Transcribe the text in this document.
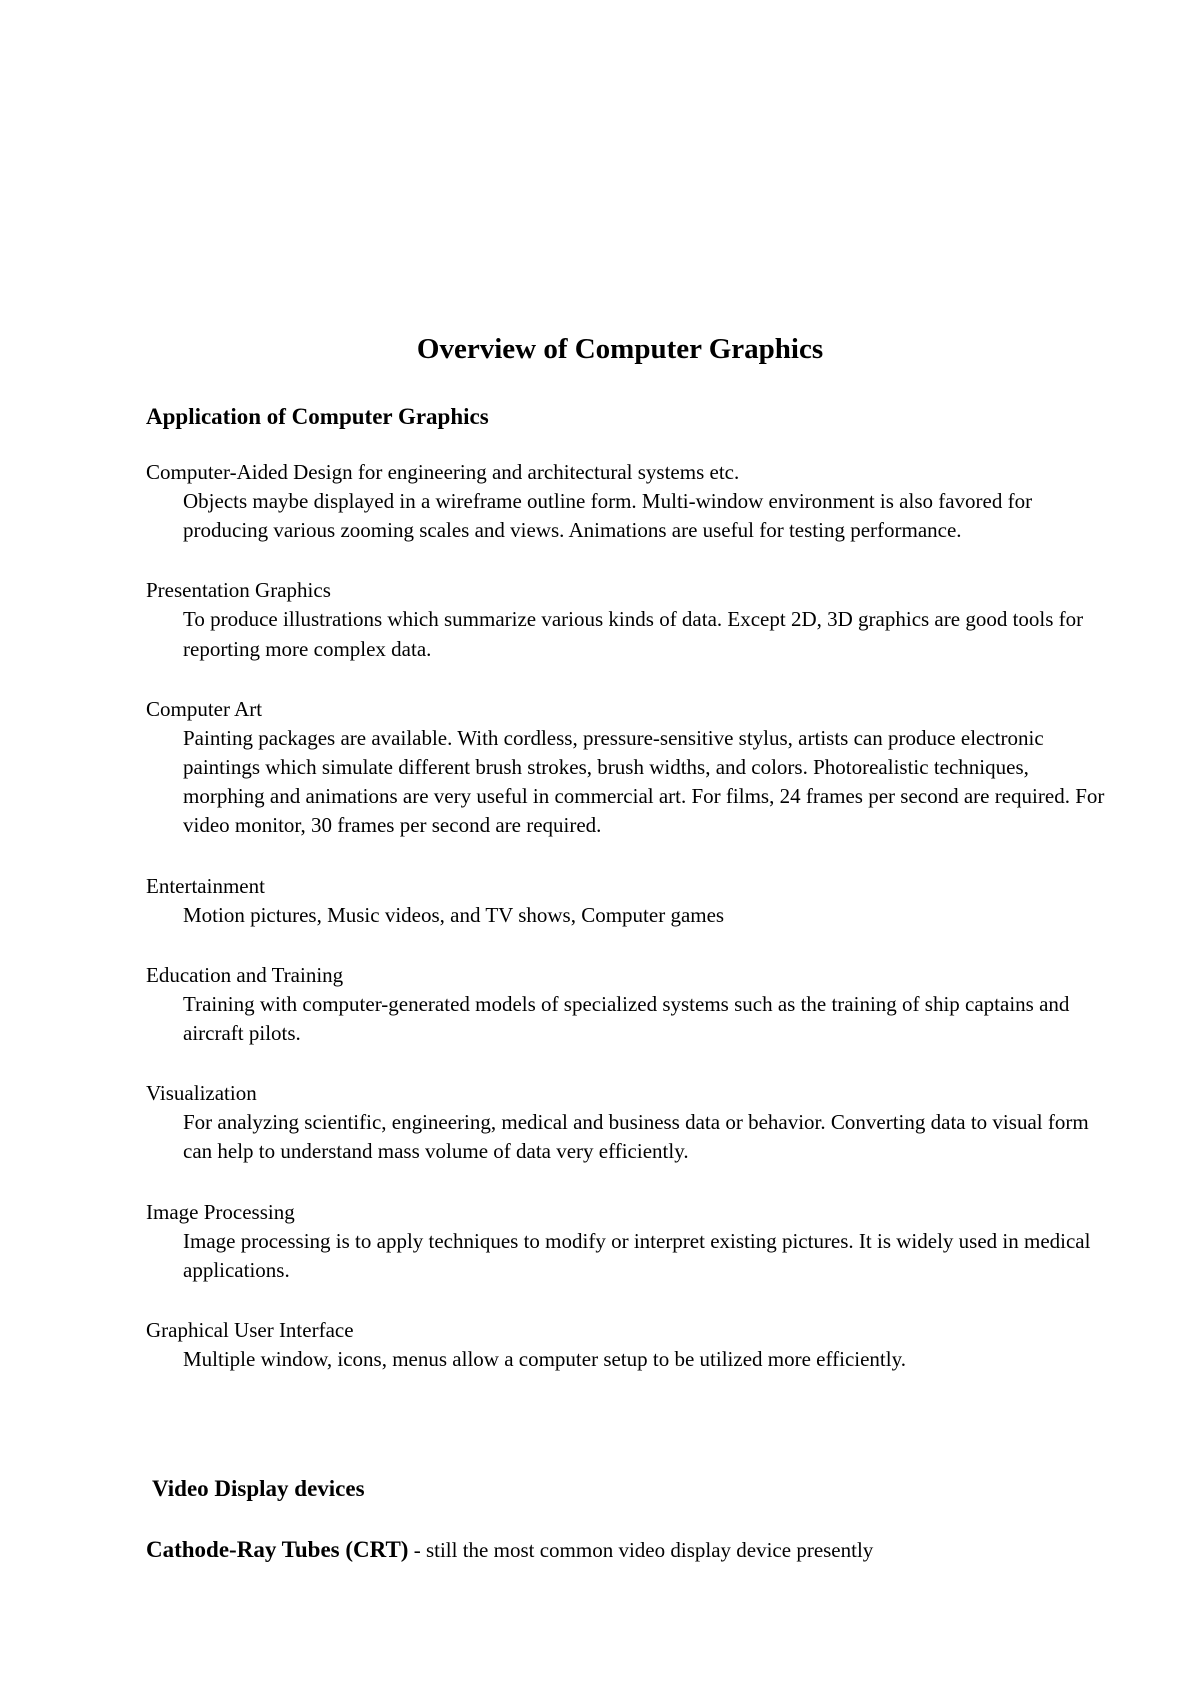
Overview of Computer Graphics
Application of Computer Graphics

Computer-Aided Design for engineering and architectural systems etc.

Objects maybe displayed in a wireframe outline form. Multi-window environment is also favored for producing various zooming scales and views. Animations are useful for testing performance.

Presentation Graphics

To produce illustrations which summarize various kinds of data. Except 2D, 3D graphics are good tools for reporting more complex data.

Computer Art

Painting packages are available. With cordless, pressure-sensitive stylus, artists can produce electronic paintings which simulate different brush strokes, brush widths, and colors. Photorealistic techniques, morphing and animations are very useful in commercial art. For films, 24 frames per second are required. For video monitor, 30 frames per second are required.

Entertainment

Motion pictures, Music videos, and TV shows, Computer games

Education and Training

Training with computer-generated models of specialized systems such as the training of ship captains and aircraft pilots.

Visualization

For analyzing scientific, engineering, medical and business data or behavior. Converting data to visual form can help to understand mass volume of data very efficiently.

Image Processing

Image processing is to apply techniques to modify or interpret existing pictures. It is widely used in medical applications.

Graphical User Interface

Multiple window, icons, menus allow a computer setup to be utilized more efficiently.

Video Display devices

Cathode-Ray Tubes (CRT) - still the most common video display device presently
